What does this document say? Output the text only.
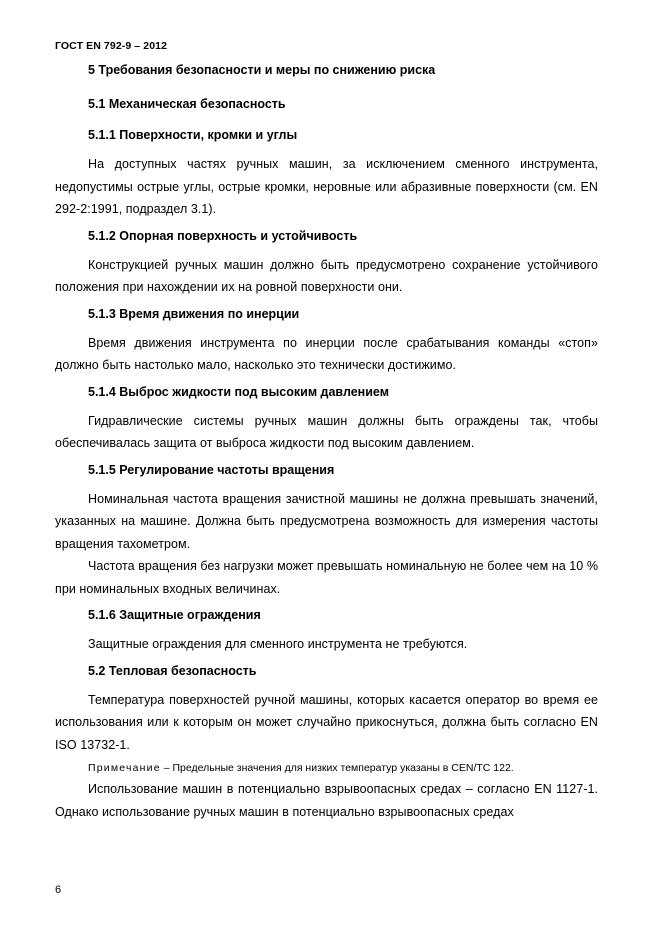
ГОСТ EN 792-9 – 2012
5 Требования безопасности и меры по снижению риска
5.1 Механическая безопасность
5.1.1 Поверхности, кромки и углы

На доступных частях ручных машин, за исключением сменного инструмента, недопустимы острые углы, острые кромки, неровные или абразивные поверхности (см. EN 292-2:1991, подраздел 3.1).

5.1.2 Опорная поверхность и устойчивость

Конструкцией ручных машин должно быть предусмотрено сохранение устойчивого положения при нахождении их на ровной поверхности они.

5.1.3 Время движения по инерции

Время движения инструмента по инерции после срабатывания команды «стоп» должно быть настолько мало, насколько это технически достижимо.

5.1.4 Выброс жидкости под высоким давлением

Гидравлические системы ручных машин должны быть ограждены так, чтобы обеспечивалась защита от выброса жидкости под высоким давлением.

5.1.5 Регулирование частоты вращения

Номинальная частота вращения зачистной машины не должна превышать значений, указанных на машине. Должна быть предусмотрена возможность для измерения частоты вращения тахометром.

Частота вращения без нагрузки может превышать номинальную не более чем на 10 % при номинальных входных величинах.

5.1.6 Защитные ограждения

Защитные ограждения для сменного инструмента не требуются.

5.2 Тепловая безопасность

Температура поверхностей ручной машины, которых касается оператор во время ее использования или к которым он может случайно прикоснуться, должна быть согласно EN ISO 13732-1.

Примечание – Предельные значения для низких температур указаны в CEN/TC 122.

Использование машин в потенциально взрывоопасных средах – согласно EN 1127-1. Однако использование ручных машин в потенциально взрывоопасных средах

6
